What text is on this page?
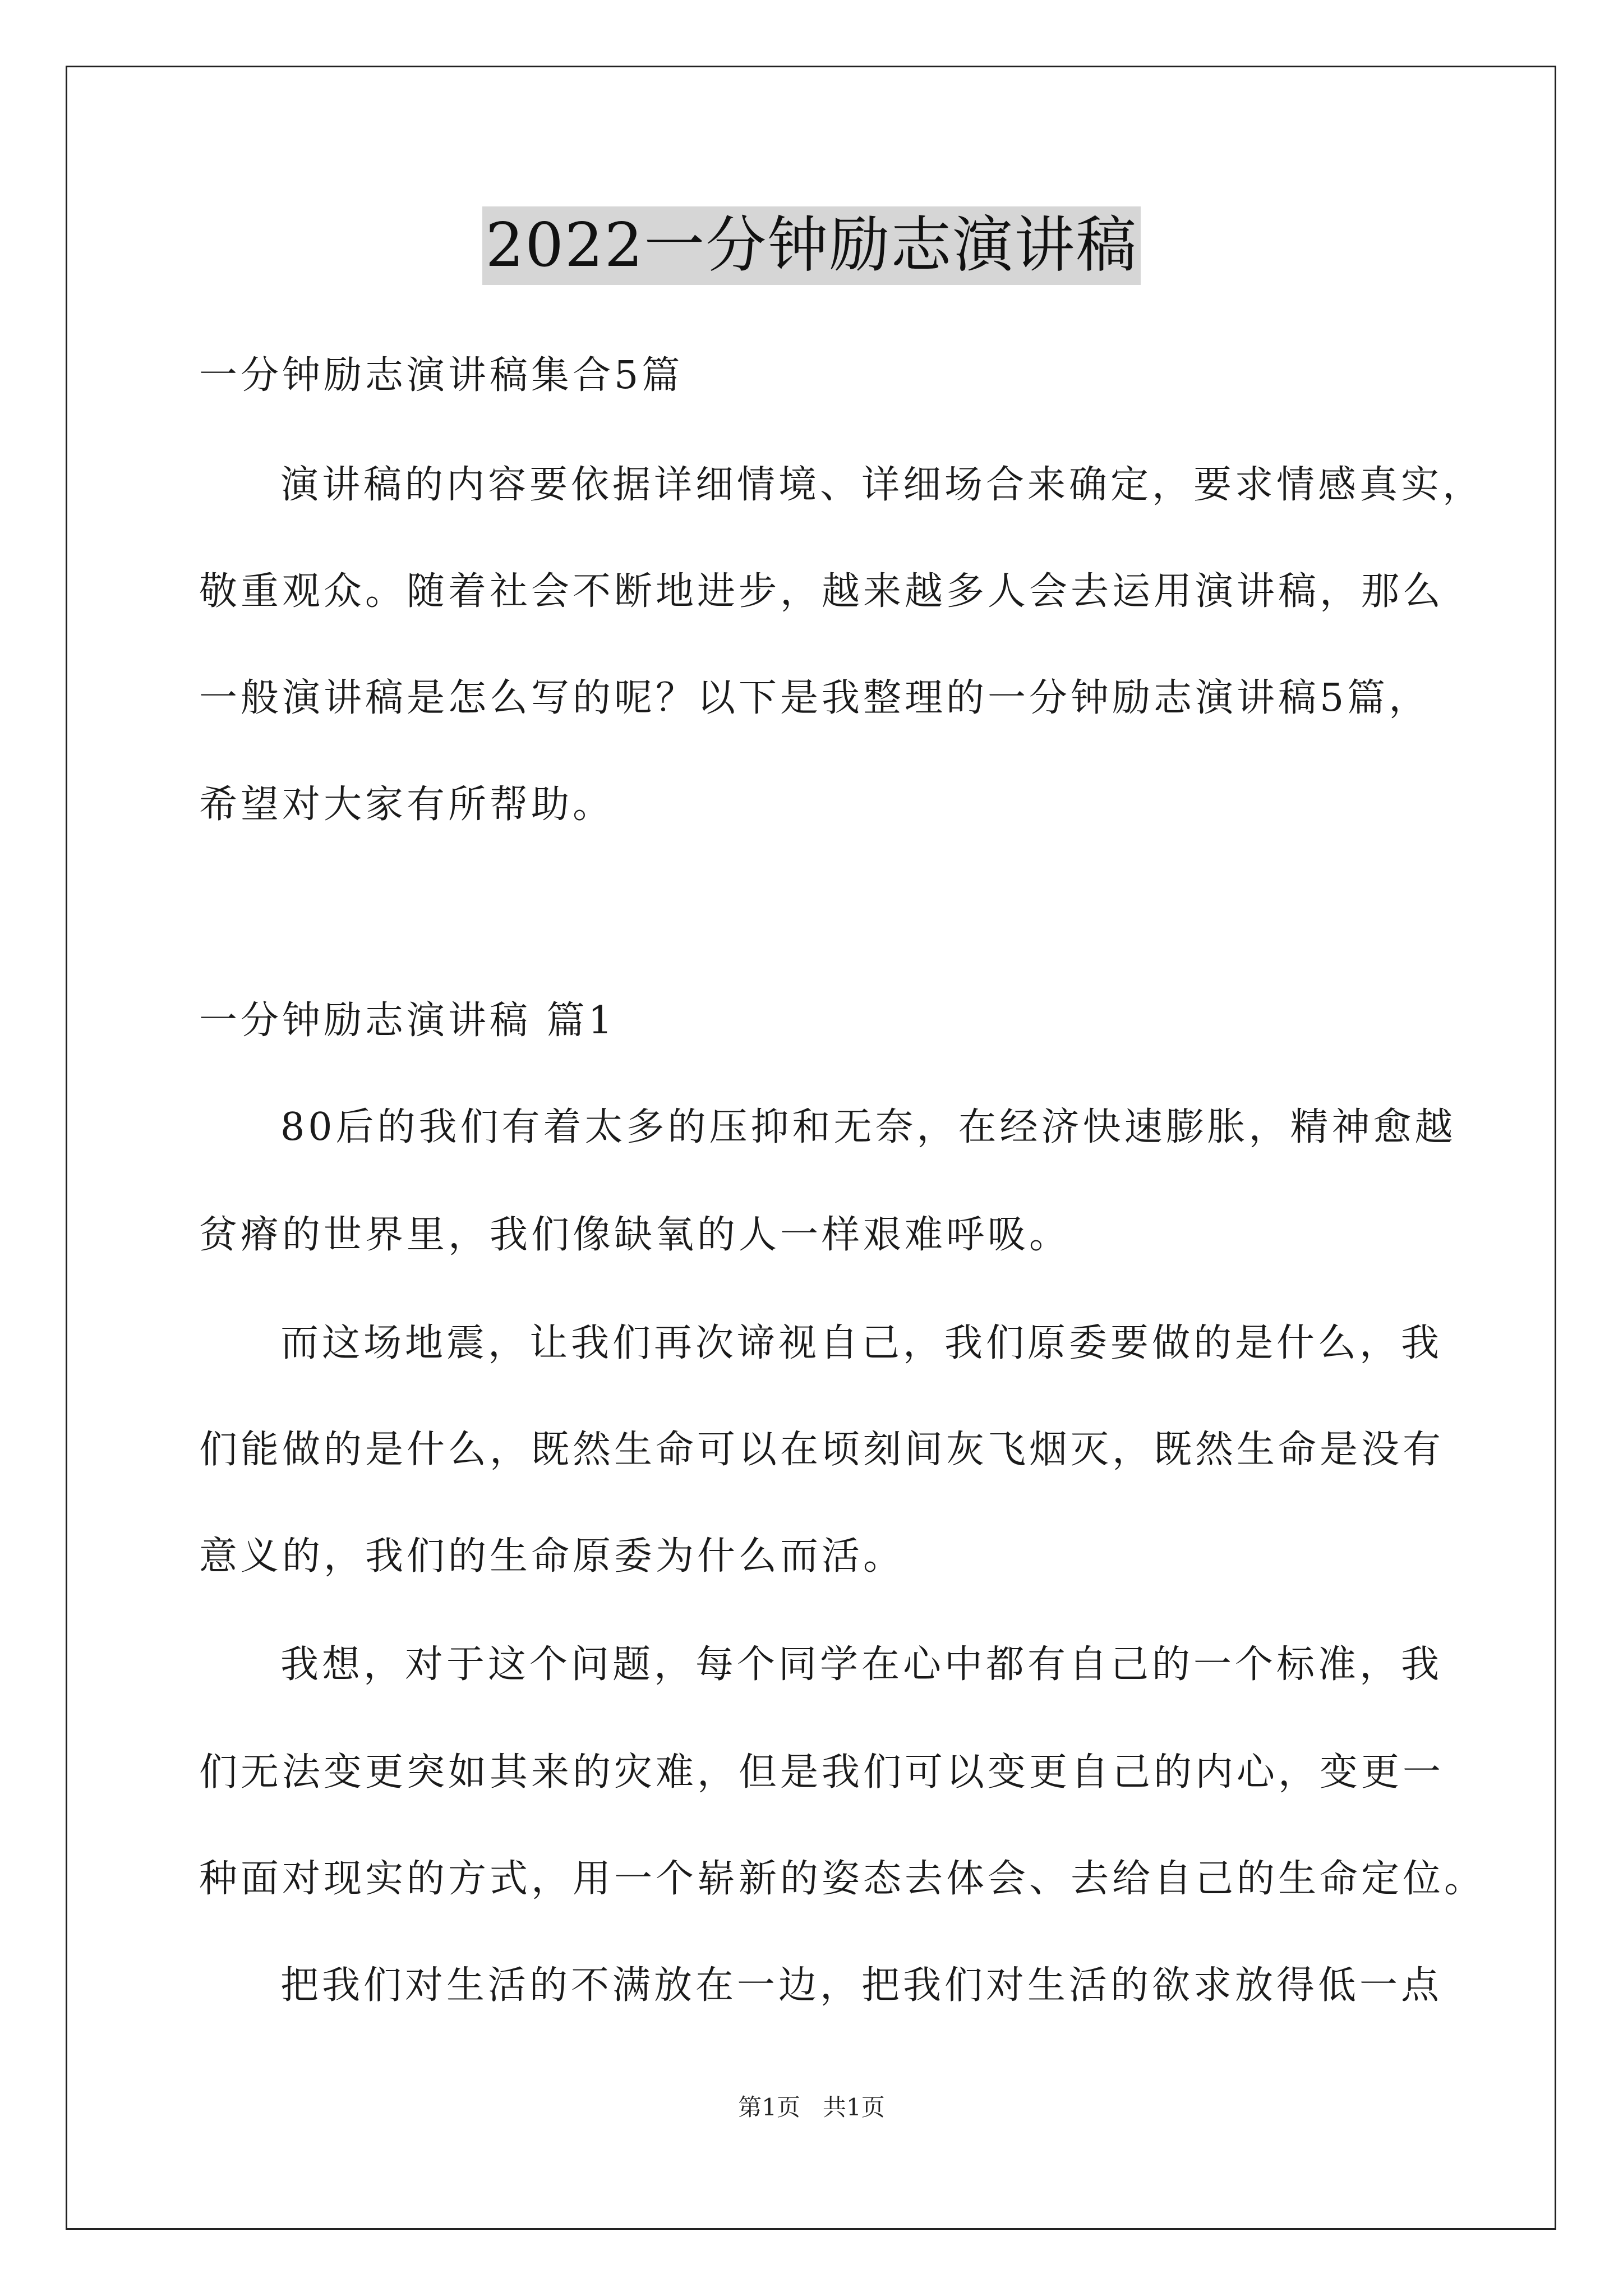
2022一分钟励志演讲稿
一分钟励志演讲稿集合5篇
演讲稿的内容要依据详细情境、详细场合来确定，要求情感真实，
敬重观众。随着社会不断地进步，越来越多人会去运用演讲稿，那么
一般演讲稿是怎么写的呢？以下是我整理的一分钟励志演讲稿5篇，
希望对大家有所帮助。
一分钟励志演讲稿 篇1
80后的我们有着太多的压抑和无奈，在经济快速膨胀，精神愈越
贫瘠的世界里，我们像缺氧的人一样艰难呼吸。
而这场地震，让我们再次谛视自己，我们原委要做的是什么，我
们能做的是什么，既然生命可以在顷刻间灰飞烟灭，既然生命是没有
意义的，我们的生命原委为什么而活。
我想，对于这个问题，每个同学在心中都有自己的一个标准，我
们无法变更突如其来的灾难，但是我们可以变更自己的内心，变更一
种面对现实的方式，用一个崭新的姿态去体会、去给自己的生命定位。
把我们对生活的不满放在一边，把我们对生活的欲求放得低一点
第1页   共1页
